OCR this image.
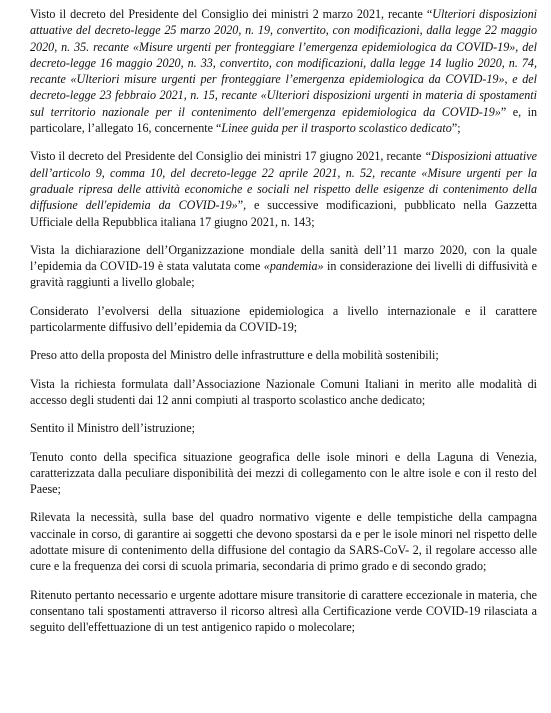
Visto il decreto del Presidente del Consiglio dei ministri 2 marzo 2021, recante “Ulteriori disposizioni attuative del decreto-legge 25 marzo 2020, n. 19, convertito, con modificazioni, dalla legge 22 maggio 2020, n. 35. recante «Misure urgenti per fronteggiare l’emergenza epidemiologica da COVID-19», del decreto-legge 16 maggio 2020, n. 33, convertito, con modificazioni, dalla legge 14 luglio 2020, n. 74, recante «Ulteriori misure urgenti per fronteggiare l’emergenza epidemiologica da COVID-19», e del decreto-legge 23 febbraio 2021, n. 15, recante «Ulteriori disposizioni urgenti in materia di spostamenti sul territorio nazionale per il contenimento dell'emergenza epidemiologica da COVID-19»” e, in particolare, l’allegato 16, concernente “Linee guida per il trasporto scolastico dedicato”;

Visto il decreto del Presidente del Consiglio dei ministri 17 giugno 2021, recante “Disposizioni attuative dell’articolo 9, comma 10, del decreto-legge 22 aprile 2021, n. 52, recante «Misure urgenti per la graduale ripresa delle attività economiche e sociali nel rispetto delle esigenze di contenimento della diffusione dell'epidemia da COVID-19»”, e successive modificazioni, pubblicato nella Gazzetta Ufficiale della Repubblica italiana 17 giugno 2021, n. 143;

Vista la dichiarazione dell’Organizzazione mondiale della sanità dell’11 marzo 2020, con la quale l’epidemia da COVID-19 è stata valutata come «pandemia» in considerazione dei livelli di diffusività e gravità raggiunti a livello globale;

Considerato l’evolversi della situazione epidemiologica a livello internazionale e il carattere particolarmente diffusivo dell’epidemia da COVID-19;

Preso atto della proposta del Ministro delle infrastrutture e della mobilità sostenibili;

Vista la richiesta formulata dall’Associazione Nazionale Comuni Italiani in merito alle modalità di accesso degli studenti dai 12 anni compiuti al trasporto scolastico anche dedicato;

Sentito il Ministro dell’istruzione;

Tenuto conto della specifica situazione geografica delle isole minori e della Laguna di Venezia, caratterizzata dalla peculiare disponibilità dei mezzi di collegamento con le altre isole e con il resto del Paese;

Rilevata la necessità, sulla base del quadro normativo vigente e delle tempistiche della campagna vaccinale in corso, di garantire ai soggetti che devono spostarsi da e per le isole minori nel rispetto delle adottate misure di contenimento della diffusione del contagio da SARS-CoV- 2, il regolare accesso alle cure e la frequenza dei corsi di scuola primaria, secondaria di primo grado e di secondo grado;

Ritenuto pertanto necessario e urgente adottare misure transitorie di carattere eccezionale in materia, che consentano tali spostamenti attraverso il ricorso altresì alla Certificazione verde COVID-19 rilasciata a seguito dell'effettuazione di un test antigenico rapido o molecolare;
